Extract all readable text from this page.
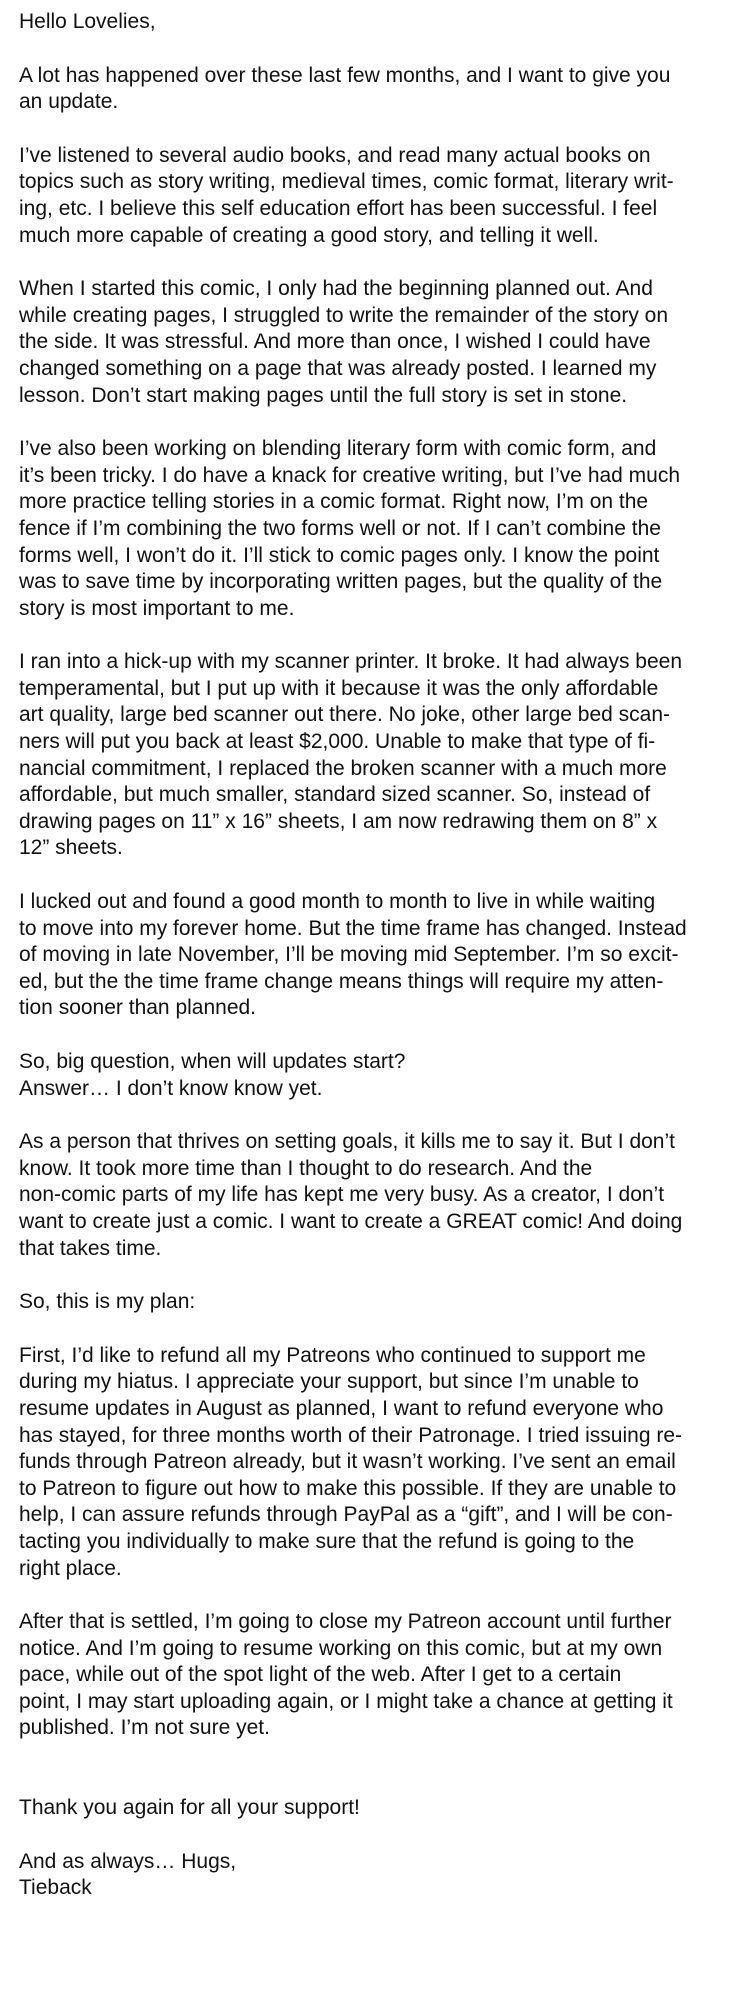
Hello Lovelies,

A lot has happened over these last few months, and I want to give you
an update.

I’ve listened to several audio books, and read many actual books on
topics such as story writing, medieval times, comic format, literary writ-
ing, etc. I believe this self education effort has been successful. I feel
much more capable of creating a good story, and telling it well.

When I started this comic, I only had the beginning planned out. And
while creating pages, I struggled to write the remainder of the story on
the side. It was stressful. And more than once, I wished I could have
changed something on a page that was already posted. I learned my
lesson. Don’t start making pages until the full story is set in stone.

I’ve also been working on blending literary form with comic form, and
it’s been tricky. I do have a knack for creative writing, but I’ve had much
more practice telling stories in a comic format. Right now, I’m on the
fence if I’m combining the two forms well or not. If I can’t combine the
forms well, I won’t do it. I’ll stick to comic pages only. I know the point
was to save time by incorporating written pages, but the quality of the
story is most important to me.

I ran into a hick-up with my scanner printer. It broke. It had always been
temperamental, but I put up with it because it was the only affordable
art quality, large bed scanner out there. No joke, other large bed scan-
ners will put you back at least $2,000. Unable to make that type of fi-
nancial commitment, I replaced the broken scanner with a much more
affordable, but much smaller, standard sized scanner. So, instead of
drawing pages on 11” x 16” sheets, I am now redrawing them on 8” x
12” sheets.

I lucked out and found a good month to month to live in while waiting
to move into my forever home. But the time frame has changed. Instead
of moving in late November, I’ll be moving mid September. I’m so excit-
ed, but the the time frame change means things will require my atten-
tion sooner than planned.

So, big question, when will updates start?
Answer… I don’t know know yet.

As a person that thrives on setting goals, it kills me to say it. But I don’t
know. It took more time than I thought to do research. And the
non-comic parts of my life has kept me very busy. As a creator, I don’t
want to create just a comic. I want to create a GREAT comic! And doing
that takes time.

So, this is my plan:

First, I’d like to refund all my Patreons who continued to support me
during my hiatus. I appreciate your support, but since I’m unable to
resume updates in August as planned, I want to refund everyone who
has stayed, for three months worth of their Patronage. I tried issuing re-
funds through Patreon already, but it wasn’t working. I’ve sent an email
to Patreon to figure out how to make this possible. If they are unable to
help, I can assure refunds through PayPal as a “gift”, and I will be con-
tacting you individually to make sure that the refund is going to the
right place.

After that is settled, I’m going to close my Patreon account until further
notice. And I’m going to resume working on this comic, but at my own
pace, while out of the spot light of the web. After I get to a certain
point, I may start uploading again, or I might take a chance at getting it
published. I’m not sure yet.

Thank you again for all your support!

And as always… Hugs,
Tieback
